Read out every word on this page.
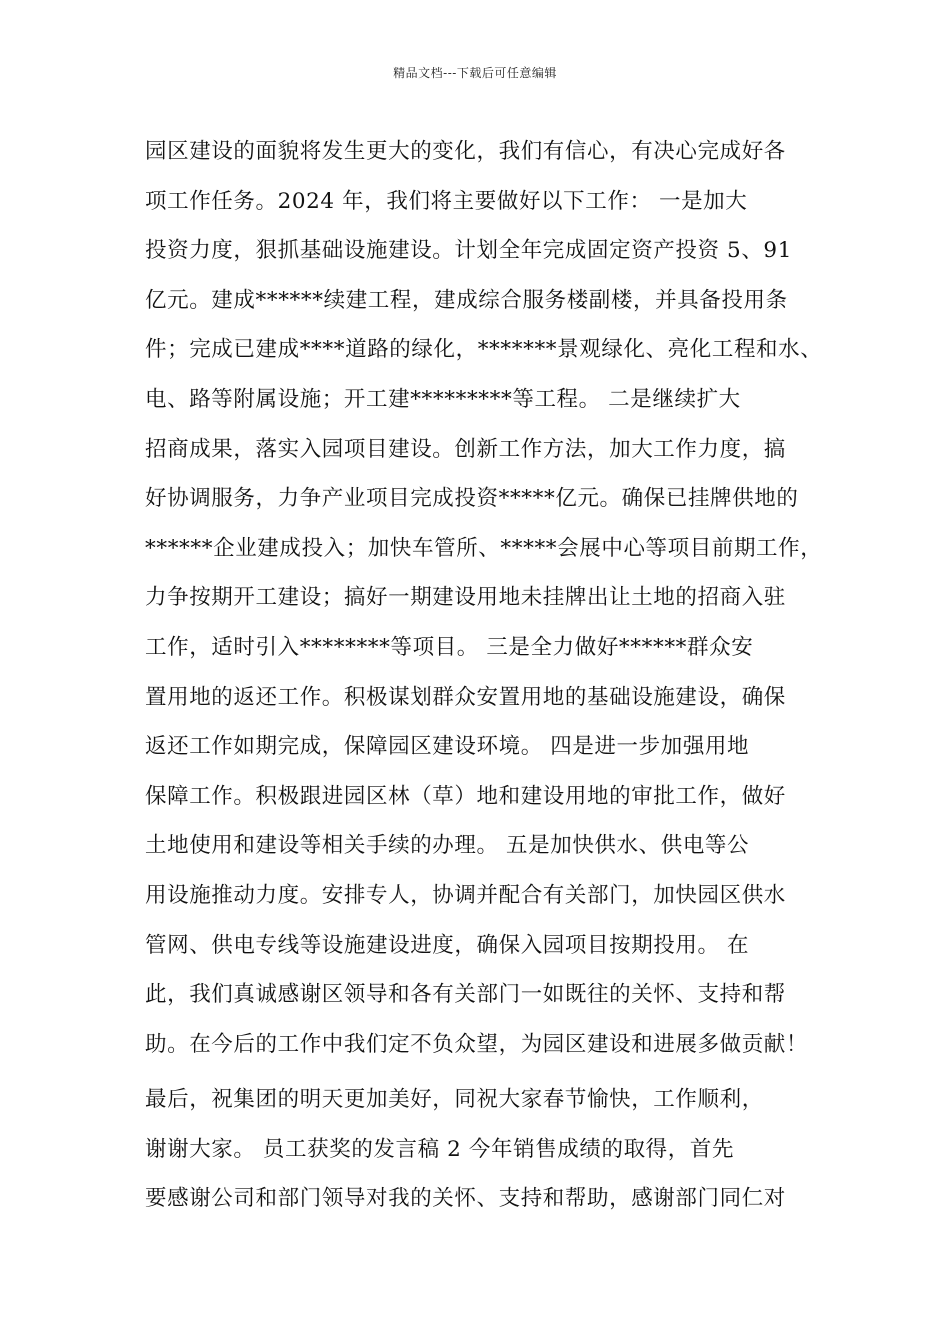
精品文档---下载后可任意编辑
园区建设的面貌将发生更大的变化，我们有信心，有决心完成好各
项工作任务。2024 年，我们将主要做好以下工作： 一是加大
投资力度，狠抓基础设施建设。计划全年完成固定资产投资 5、91
亿元。建成******续建工程，建成综合服务楼副楼，并具备投用条
件；完成已建成****道路的绿化，*******景观绿化、亮化工程和水、
电、路等附属设施；开工建*********等工程。 二是继续扩大
招商成果，落实入园项目建设。创新工作方法，加大工作力度，搞
好协调服务，力争产业项目完成投资*****亿元。确保已挂牌供地的
******企业建成投入；加快车管所、*****会展中心等项目前期工作，
力争按期开工建设；搞好一期建设用地未挂牌出让土地的招商入驻
工作，适时引入********等项目。 三是全力做好******群众安
置用地的返还工作。积极谋划群众安置用地的基础设施建设，确保
返还工作如期完成，保障园区建设环境。 四是进一步加强用地
保障工作。积极跟进园区林（草）地和建设用地的审批工作，做好
土地使用和建设等相关手续的办理。 五是加快供水、供电等公
用设施推动力度。安排专人，协调并配合有关部门，加快园区供水
管网、供电专线等设施建设进度，确保入园项目按期投用。 在
此，我们真诚感谢区领导和各有关部门一如既往的关怀、支持和帮
助。在今后的工作中我们定不负众望，为园区建设和进展多做贡献！
最后，祝集团的明天更加美好，同祝大家春节愉快，工作顺利，
谢谢大家。 员工获奖的发言稿 2 今年销售成绩的取得，首先
要感谢公司和部门领导对我的关怀、支持和帮助，感谢部门同仁对
